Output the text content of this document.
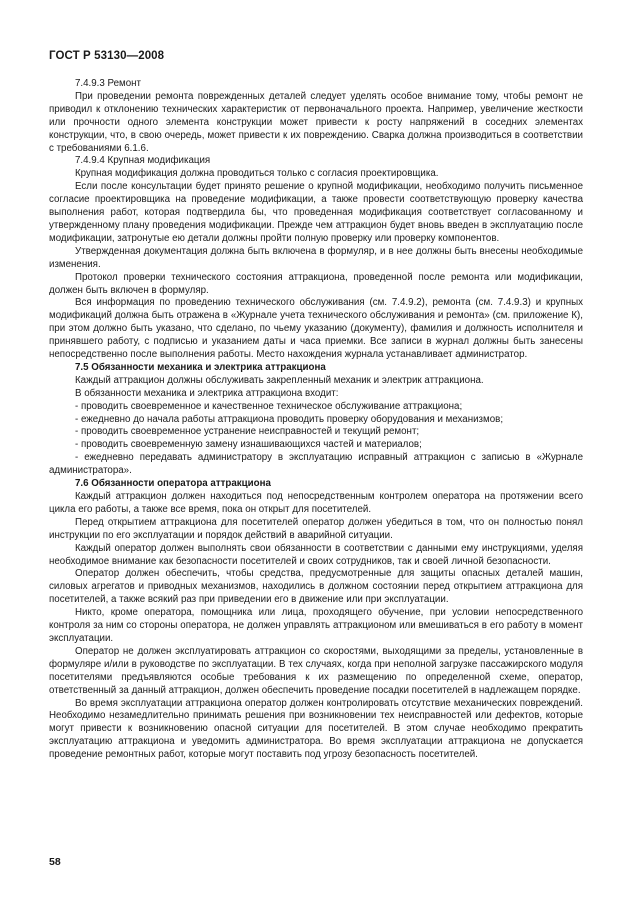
ГОСТ Р 53130—2008

7.4.9.3 Ремонт

При проведении ремонта поврежденных деталей следует уделять особое внимание тому, чтобы ремонт не приводил к отклонению технических характеристик от первоначального проекта. Например, увеличение жесткости или прочности одного элемента конструкции может привести к росту напряжений в соседних элементах конструкции, что, в свою очередь, может привести к их повреждению. Сварка должна производиться в соответствии с требованиями 6.1.6.

7.4.9.4 Крупная модификация

Крупная модификация должна проводиться только с согласия проектировщика.

Если после консультации будет принято решение о крупной модификации, необходимо получить письменное согласие проектировщика на проведение модификации, а также провести соответствующую проверку качества выполнения работ, которая подтвердила бы, что проведенная модификация соответствует согласованному и утвержденному плану проведения модификации. Прежде чем аттракцион будет вновь введен в эксплуатацию после модификации, затронутые ею детали должны пройти полную проверку или проверку компонентов.

Утвержденная документация должна быть включена в формуляр, и в нее должны быть внесены необходимые изменения.

Протокол проверки технического состояния аттракциона, проведенной после ремонта или модификации, должен быть включен в формуляр.

Вся информация по проведению технического обслуживания (см. 7.4.9.2), ремонта (см. 7.4.9.3) и крупных модификаций должна быть отражена в «Журнале учета технического обслуживания и ремонта» (см. приложение К), при этом должно быть указано, что сделано, по чьему указанию (документу), фамилия и должность исполнителя и принявшего работу, с подписью и указанием даты и часа приемки. Все записи в журнал должны быть занесены непосредственно после выполнения работы. Место нахождения журнала устанавливает администратор.

7.5 Обязанности механика и электрика аттракциона

Каждый аттракцион должны обслуживать закрепленный механик и электрик аттракциона.

В обязанности механика и электрика аттракциона входит:

- проводить своевременное и качественное техническое обслуживание аттракциона;

- ежедневно до начала работы аттракциона проводить проверку оборудования и механизмов;

- проводить своевременное устранение неисправностей и текущий ремонт;

- проводить своевременную замену изнашивающихся частей и материалов;

- ежедневно передавать администратору в эксплуатацию исправный аттракцион с записью в «Журнале администратора».

7.6 Обязанности оператора аттракциона

Каждый аттракцион должен находиться под непосредственным контролем оператора на протяжении всего цикла его работы, а также все время, пока он открыт для посетителей.

Перед открытием аттракциона для посетителей оператор должен убедиться в том, что он полностью понял инструкции по его эксплуатации и порядок действий в аварийной ситуации.

Каждый оператор должен выполнять свои обязанности в соответствии с данными ему инструкциями, уделяя необходимое внимание как безопасности посетителей и своих сотрудников, так и своей личной безопасности.

Оператор должен обеспечить, чтобы средства, предусмотренные для защиты опасных деталей машин, силовых агрегатов и приводных механизмов, находились в должном состоянии перед открытием аттракциона для посетителей, а также всякий раз при приведении его в движение или при эксплуатации.

Никто, кроме оператора, помощника или лица, проходящего обучение, при условии непосредственного контроля за ним со стороны оператора, не должен управлять аттракционом или вмешиваться в его работу в момент эксплуатации.

Оператор не должен эксплуатировать аттракцион со скоростями, выходящими за пределы, установленные в формуляре и/или в руководстве по эксплуатации. В тех случаях, когда при неполной загрузке пассажирского модуля посетителями предъявляются особые требования к их размещению по определенной схеме, оператор, ответственный за данный аттракцион, должен обеспечить проведение посадки посетителей в надлежащем порядке.

Во время эксплуатации аттракциона оператор должен контролировать отсутствие механических повреждений. Необходимо незамедлительно принимать решения при возникновении тех неисправностей или дефектов, которые могут привести к возникновению опасной ситуации для посетителей. В этом случае необходимо прекратить эксплуатацию аттракциона и уведомить администратора. Во время эксплуатации аттракциона не допускается проведение ремонтных работ, которые могут поставить под угрозу безопасность посетителей.

58
